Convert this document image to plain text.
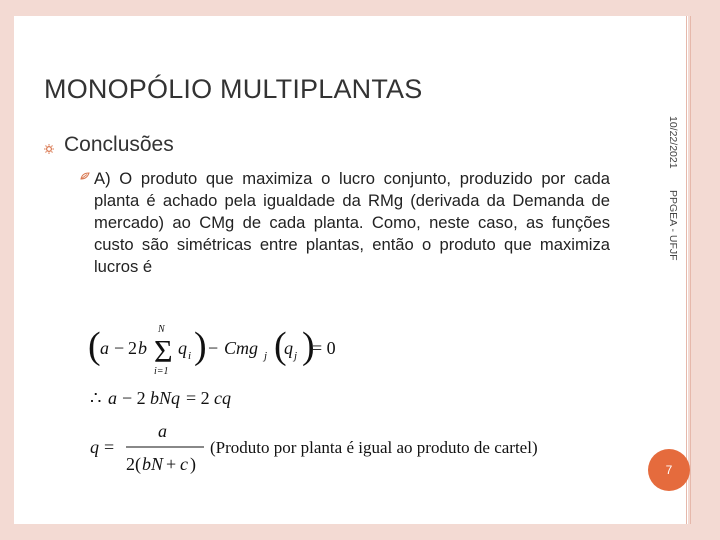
MONOPÓLIO MULTIPLANTAS
10/22/2021
PPGEA - UFJF
Conclusões
A) O produto que maximiza o lucro conjunto, produzido por cada planta é achado pela igualdade da RMg (derivada da Demanda de mercado) ao CMg de cada planta. Como, neste caso, as funções custo são simétricas entre plantas, então o produto que maximiza lucros é
( a − 2 b Σ
N
i=1
q i ) − Cmg j (
q j )
= 0
∴ a − 2 bNq = 2 cq
q =
a
2( bN + c )
(Produto por planta é igual ao produto de cartel)
7
